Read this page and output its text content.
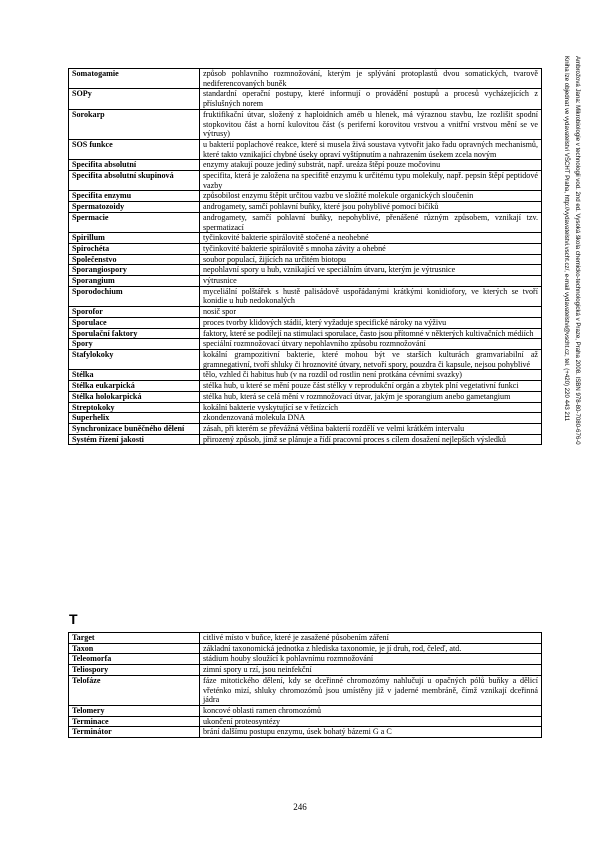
Somatogamie	způsob pohlavního rozmnožování, kterým je splývání protoplastů dvou somatických, tvarově nediferencovaných buněk
SOPy	standardní operační postupy, které informují o provádění postupů a procesů vycházejících z příslušných norem
Sorokarp	fruktifikační útvar, složený z haploidních améb u hlenek, má výraznou stavbu, lze rozlišit spodní stopkovitou část a horní kulovitou část (s periferní korovitou vrstvou a vnitřní vrstvou mění se ve výtrusy)
SOS funkce	u bakterií poplachové reakce, které si musela živá soustava vytvořit jako řadu opravných mechanismů, které takto vznikající chybné úseky opraví vyštípnutím a nahrazením úsekem zcela novým
Specifita absolutní	enzymy atakují pouze jediný substrát, např. ureáza štěpí pouze močovinu
Specifita absolutní skupinová	specifita, která je založena na specifitě enzymu k určitému typu molekuly, např. pepsin štěpí peptidové vazby
Specifita enzymu	způsobilost enzymu štěpit určitou vazbu ve složité molekule organických sloučenin
Spermatozoidy	androgamety, samčí pohlavní buňky, které jsou pohyblivé pomocí bičíků
Spermacie	androgamety, samčí pohlavní buňky, nepohyblivé, přenášené různým způsobem, vznikají tzv. spermatizací
Spirillum	tyčinkovité bakterie spirálovitě stočené a neohebné
Spirochéta	tyčinkovité bakterie spirálovitě s mnoha závity a ohebné
Společenstvo	soubor populací, žijících na určitém biotopu
Sporangiospory	nepohlavní spory u hub, vznikající ve speciálním útvaru, kterým je výtrusnice
Sporangium	výtrusnice
Sporodochium	myceliální polštářek s hustě palisádově uspořádanými krátkými konidiofory, ve kterých se tvoří konidie u hub nedokonalých
Sporofor	nosič spor
Sporulace	proces tvorby klidových stádií, který vyžaduje specifické nároky na výživu
Sporulační faktory	faktory, které se podílejí na stimulaci sporulace, často jsou přítomné v některých kultivačních médiích
Spory	speciální rozmnožovací útvary nepohlavního způsobu rozmnožování
Stafylokoky	kokální grampozitivní bakterie, které mohou být ve starších kulturách gramvariabilní až gramnegativní, tvoří shluky či hroznovité útvary, netvoří spory, pouzdra či kapsule, nejsou pohyblivé
Stélka	tělo, vzhled či habitus hub (v na rozdíl od rostlin není protkána cévními svazky)
Stélka eukarpická	stélka hub, u které se mění pouze část stélky v reprodukční orgán a zbytek plní vegetativní funkci
Stélka holokarpická	stélka hub, která se celá mění v rozmnožovací útvar, jakým je sporangium anebo gametangium
Streptokoky	kokální bakterie vyskytující se v řetízcích
Superhelix	zkondenzovaná molekula DNA
Synchronizace buněčného dělení	zásah, při kterém se převážná většina bakterií rozdělí ve velmi krátkém intervalu
Systém řízení jakosti	přirozený způsob, jímž se plánuje a řídí pracovní proces s cílem dosažení nejlepších výsledků
T
Target	citlivé místo v buňce, které je zasažené působením záření
Taxon	základní taxonomická jednotka z hlediska taxonomie, je jí druh, rod, čeleď, atd.
Teleomorfa	stádium houby sloužící k pohlavnímu rozmnožování
Teliospory	zimní spory u rzí, jsou neinfekční
Telofáze	fáze mitotického dělení, kdy se dceřinné chromozómy nahlučují u opačných pólů buňky a dělicí vřeténko mizí, shluky chromozómů jsou umístěny již v jaderné membráně, čímž vznikají dceřinná jádra
Telomery	koncové oblasti ramen chromozómů
Terminace	ukončení proteosyntézy
Terminátor	brání dalšímu postupu enzymu, úsek bohatý bázemi G a C
246
Ambrožová Jana: Mikrobiologie v technologii vod. 2nd ed. Vysoká škola chemicko-technologická v Praze, Praha 2008. ISBN 978-80-7080-676-0
Kniha lze objednat ve vydavatelství VŠCHT Praha, http://vydavatelstvi.vscht.cz/, e-mail vydavatelstvi@vscht.cz, tel. (+420) 220 443 211
